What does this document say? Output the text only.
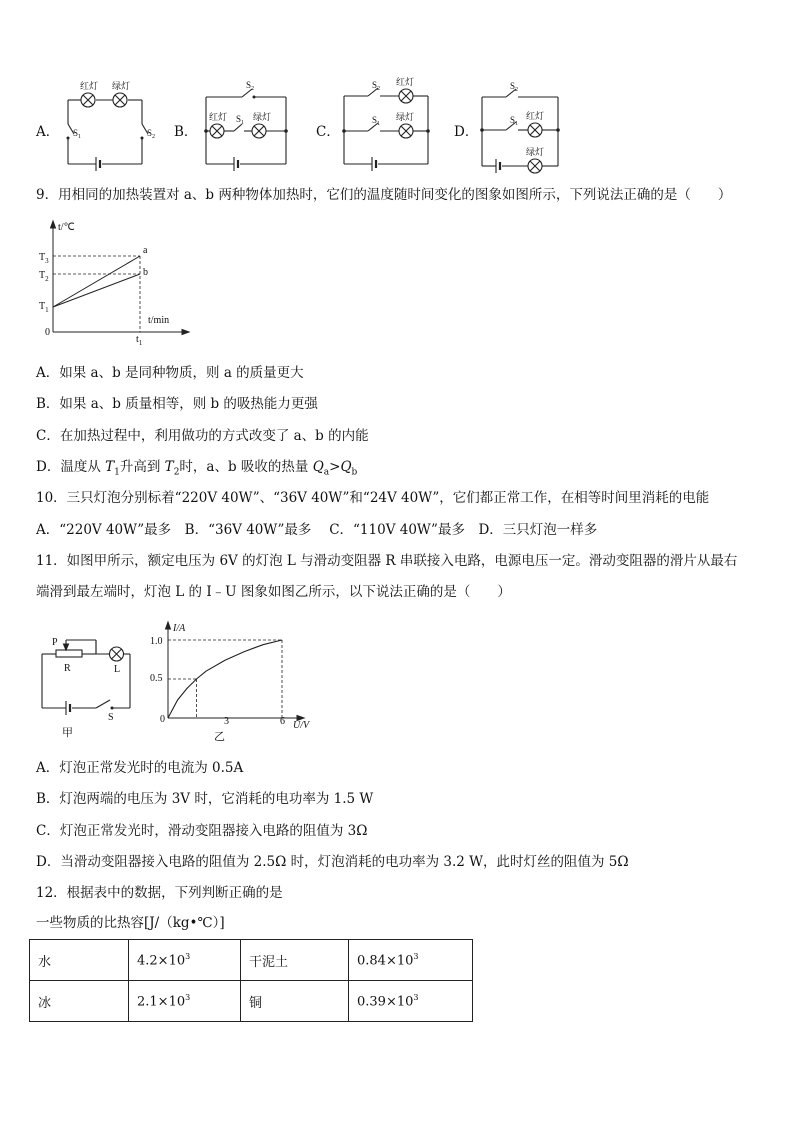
A．
红灯 绿灯
$S_1$	$S_2$ B．
$S_2$
红灯	绿灯
$S_1$
C．
$S_2$
红灯
$S_1$
绿灯
D．
$S_2$
$S_1$
红灯
绿灯
9．用相同的加热装置对 a、b 两种物体加热时，它们的温度随时间变化的图象如图所示，下列说法正确的是（　　）
t/℃
t/min
$T_3$
$T_2$
$T_1$
0
$t_1$
a
b
A．如果 a、b 是同种物质，则 a 的质量更大
B．如果 a、b 质量相等，则 b 的吸热能力更强
C．在加热过程中，利用做功的方式改变了 a、b 的内能
D．温度从 $T_1$升高到 $T_2$时，a、b 吸收的热量 $Q_a>Q_b$
10．三只灯泡分别标着“220V 40W”、“36V 40W”和“24V 40W”，它们都正常工作，在相等时间里消耗的电能
A．“220V 40W”最多　B．“36V 40W”最多　 C．“110V 40W”最多　D．三只灯泡一样多
11．如图甲所示，额定电压为 6V 的灯泡 L 与滑动变阻器 R 串联接入电路，电源电压一定。滑动变阻器的滑片从最右
端滑到最左端时，灯泡 L 的 I﹣U 图象如图乙所示，以下说法正确的是（　　）
P
R	L
S
甲
I/A
U/V
1.0
0.5
0	3	6
乙
A．灯泡正常发光时的电流为 0.5A
B．灯泡两端的电压为 3V 时，它消耗的电功率为 1.5 W
C．灯泡正常发光时，滑动变阻器接入电路的阻值为 3Ω
D．当滑动变阻器接入电路的阻值为 2.5Ω 时，灯泡消耗的电功率为 3.2 W，此时灯丝的阻值为 5Ω
12．根据表中的数据，下列判断正确的是
一些物质的比热容[J/（kg•℃）]
水	$4.2\times 10^3$	干泥土	$0.84\times 10^3$
冰	$2.1\times 10^3$	铜	$0.39\times 10^3$
